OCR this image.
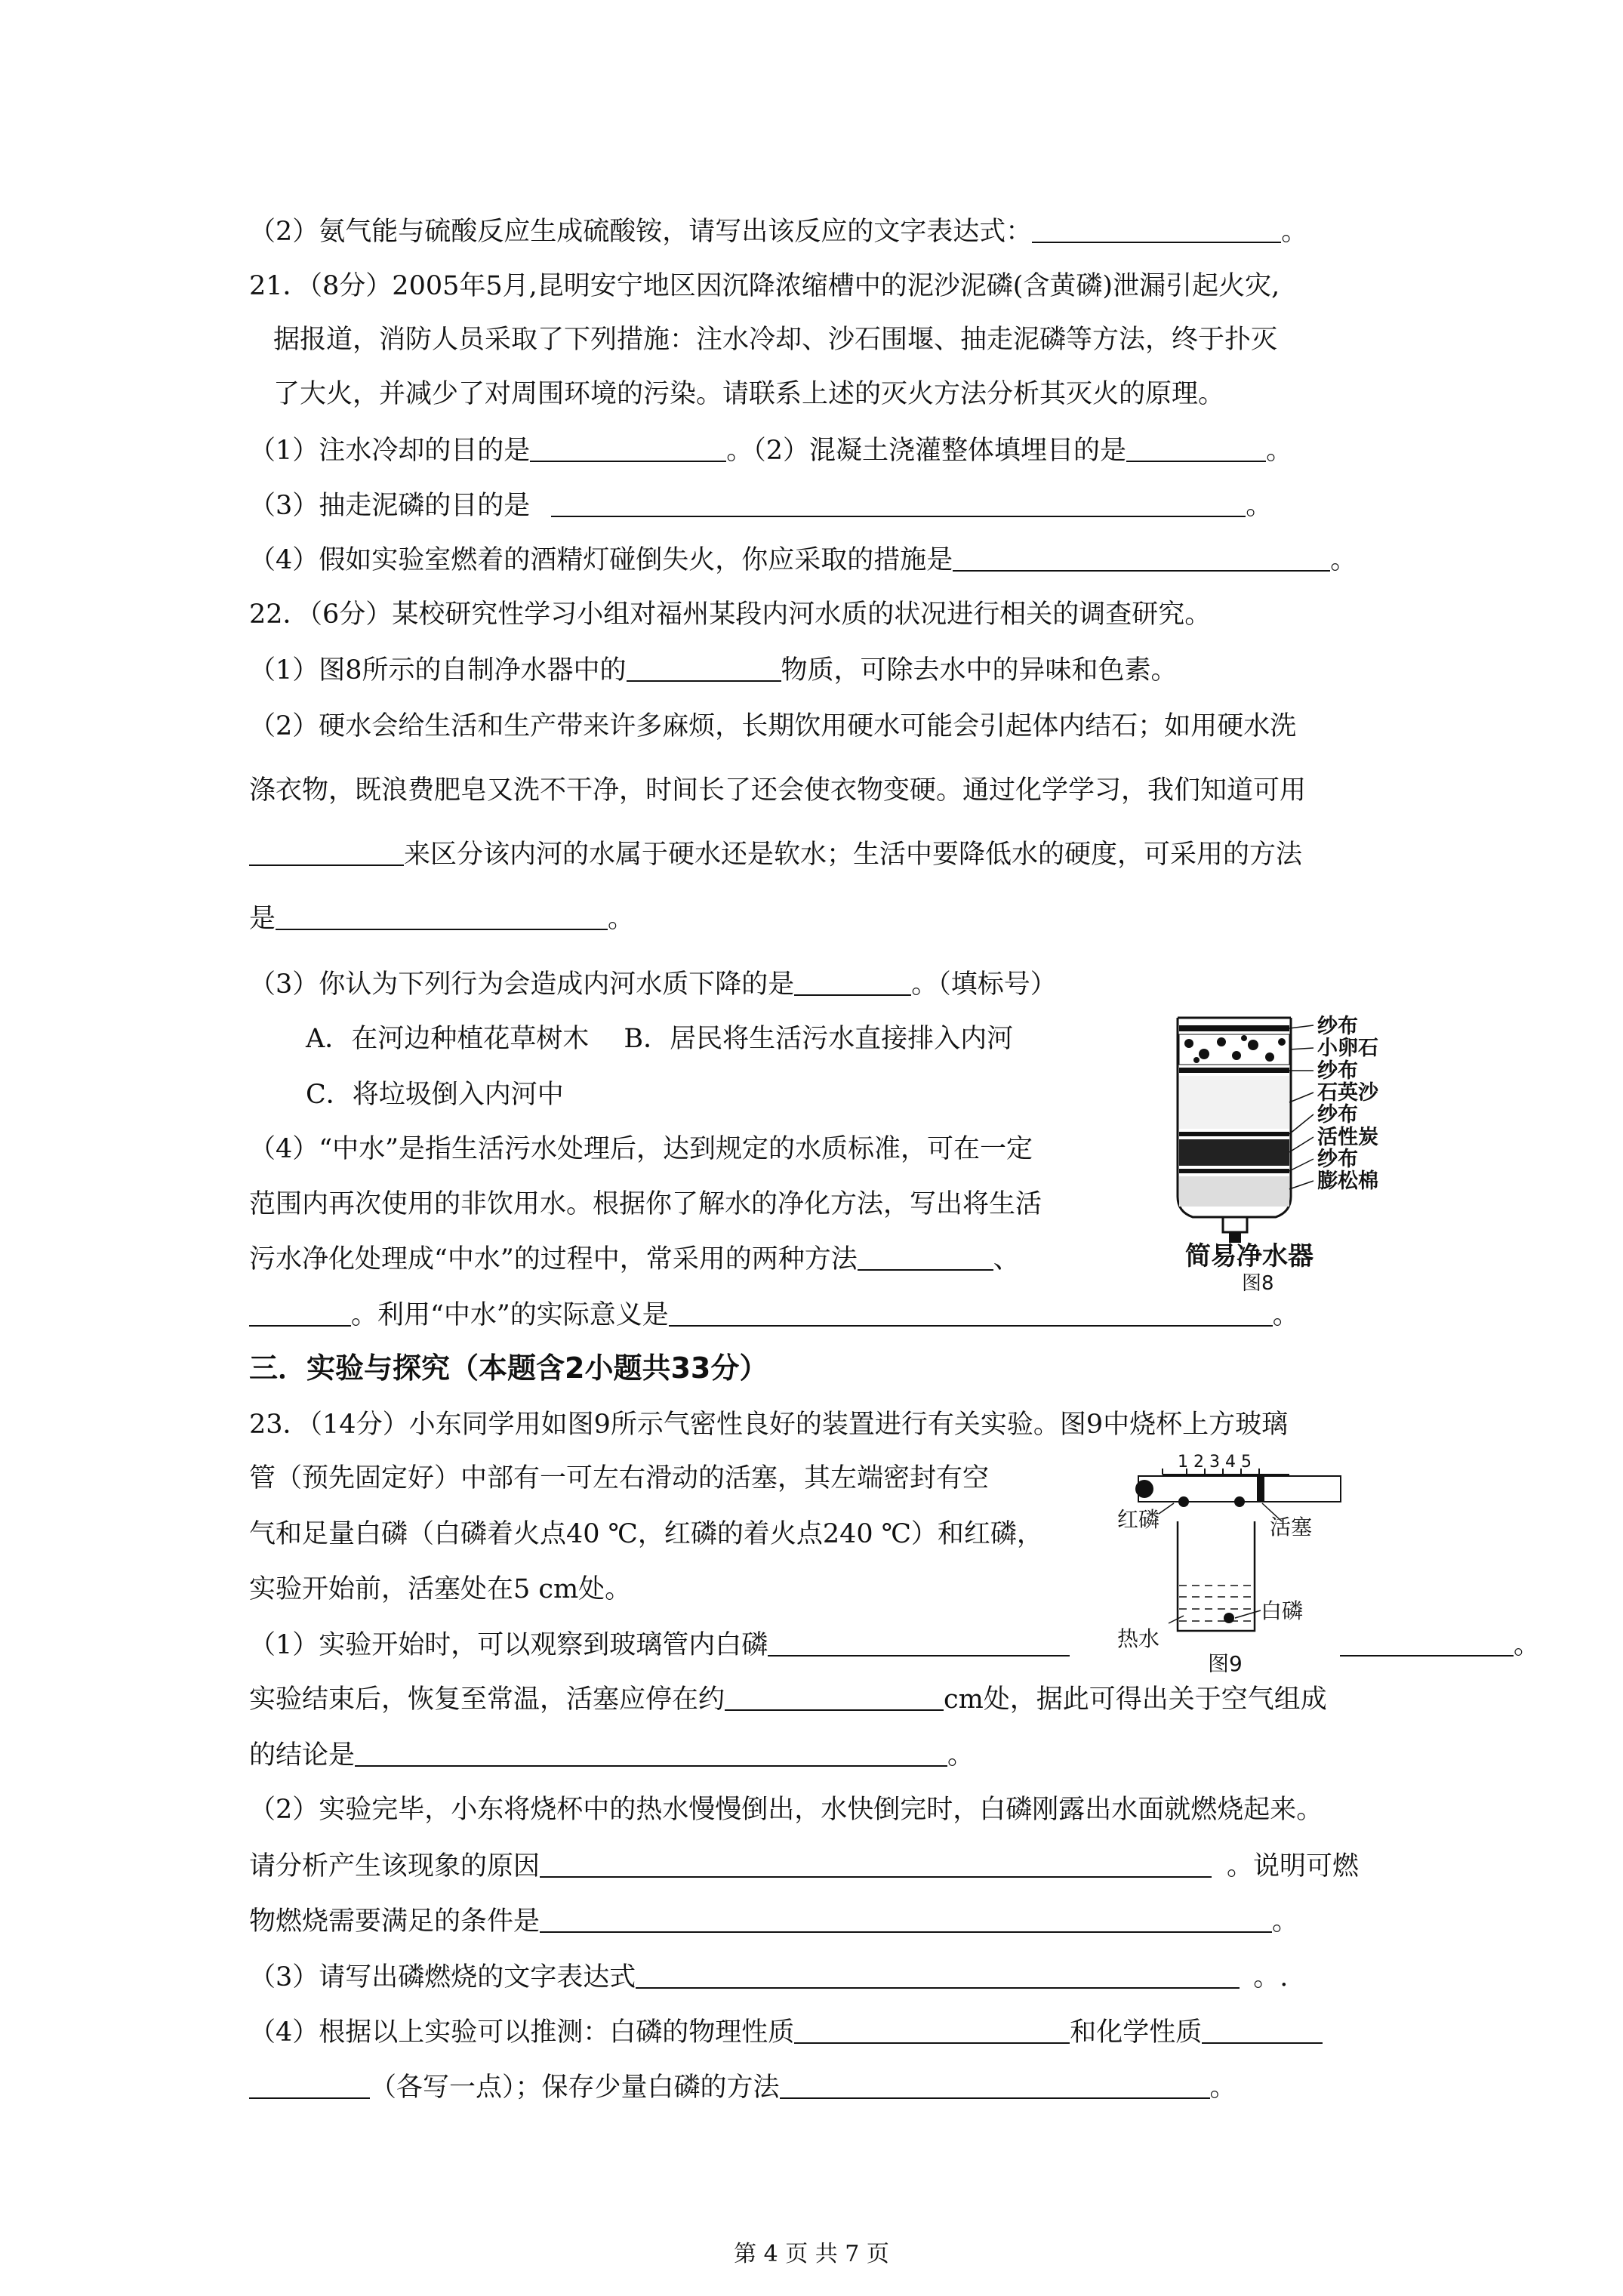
（2）氨气能与硫酸反应生成硫酸铵，请写出该反应的文字表达式：	。
21．（8分）2005年5月,昆明安宁地区因沉降浓缩槽中的泥沙泥磷(含黄磷)泄漏引起火灾,
据报道，消防人员采取了下列措施：注水冷却、沙石围堰、抽走泥磷等方法，终于扑灭
了大火，并减少了对周围环境的污染。请联系上述的灭火方法分析其灭火的原理。
（1）注水冷却的目的是	。（2）混凝土浇灌整体填埋目的是	。
（3）抽走泥磷的目的是	。
（4）假如实验室燃着的酒精灯碰倒失火，你应采取的措施是	。
22．（6分）某校研究性学习小组对福州某段内河水质的状况进行相关的调查研究。
（1）图8所示的自制净水器中的	物质，可除去水中的异味和色素。
（2）硬水会给生活和生产带来许多麻烦，长期饮用硬水可能会引起体内结石；如用硬水洗
涤衣物，既浪费肥皂又洗不干净，时间长了还会使衣物变硬。通过化学学习，我们知道可用
来区分该内河的水属于硬水还是软水；生活中要降低水的硬度，可采用的方法
是	。
（3）你认为下列行为会造成内河水质下降的是	。（填标号）
A．在河边种植花草树木　 B．居民将生活污水直接排入内河
C．将垃圾倒入内河中
（4）“中水”是指生活污水处理后，达到规定的水质标准，可在一定
范围内再次使用的非饮用水。根据你了解水的净化方法，写出将生活
污水净化处理成“中水”的过程中，常采用的两种方法	、
。利用“中水”的实际意义是	。
纱布
小卵石
纱布
石英沙
纱布
活性炭
纱布
膨松棉
简易净水器
图8
三．实验与探究（本题含2小题共33分）
23．（14分）小东同学用如图9所示气密性良好的装置进行有关实验。图9中烧杯上方玻璃
管（预先固定好）中部有一可左右滑动的活塞，其左端密封有空
气和足量白磷（白磷着火点40 ℃，红磷的着火点240 ℃）和红磷，
实验开始前，活塞处在5 cm处。
1 2 3 4 5
红磷	活塞
热水
白磷
图9
（1）实验开始时，可以观察到玻璃管内白磷	。
实验结束后，恢复至常温，活塞应停在约	cm处，据此可得出关于空气组成
的结论是	。
（2）实验完毕，小东将烧杯中的热水慢慢倒出，水快倒完时，白磷刚露出水面就燃烧起来。
请分析产生该现象的原因	。说明可燃
物燃烧需要满足的条件是	。
（3）请写出磷燃烧的文字表达式	。.
（4）根据以上实验可以推测：白磷的物理性质	和化学性质
（各写一点）；保存少量白磷的方法	。
第 4 页 共 7 页
